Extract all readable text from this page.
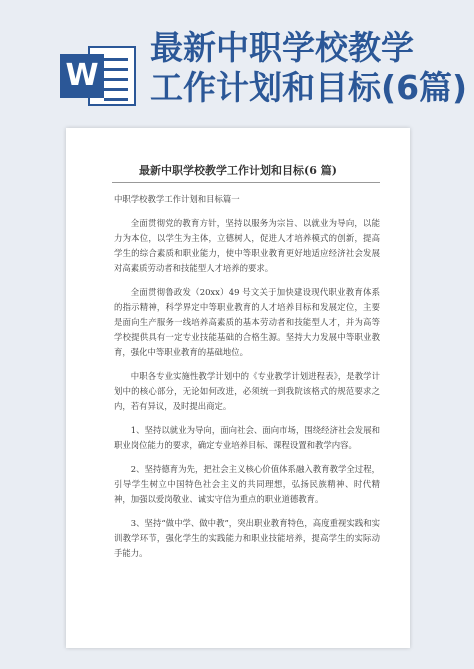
W
最新中职学校教学
工作计划和目标(6篇)
最新中职学校教学工作计划和目标(6 篇)

中职学校教学工作计划和目标篇一

全面贯彻党的教育方针，坚持以服务为宗旨、以就业为导向，以能力为本位，以学生为主体，立德树人，促进人才培养模式的创新，提高学生的综合素质和职业能力，使中等职业教育更好地适应经济社会发展对高素质劳动者和技能型人才培养的要求。

全面贯彻鲁政发（20xx）49 号文关于加快建设现代职业教育体系的指示精神，科学界定中等职业教育的人才培养目标和发展定位，主要是面向生产服务一线培养高素质的基本劳动者和技能型人才，并为高等学校提供具有一定专业技能基础的合格生源。坚持大力发展中等职业教育，强化中等职业教育的基础地位。

中职各专业实施性教学计划中的《专业教学计划进程表》，是教学计划中的核心部分，无论如何改进，必须统一到我院该格式的规范要求之内，若有异议，及时提出商定。

1、坚持以就业为导向，面向社会、面向市场，围绕经济社会发展和职业岗位能力的要求，确定专业培养目标、课程设置和教学内容。

2、坚持德育为先，把社会主义核心价值体系融入教育教学全过程，引导学生树立中国特色社会主义的共同理想，弘扬民族精神、时代精神，加强以爱岗敬业、诚实守信为重点的职业道德教育。

3、坚持“做中学、做中教”，突出职业教育特色，高度重视实践和实训教学环节，强化学生的实践能力和职业技能培养，提高学生的实际动手能力。
